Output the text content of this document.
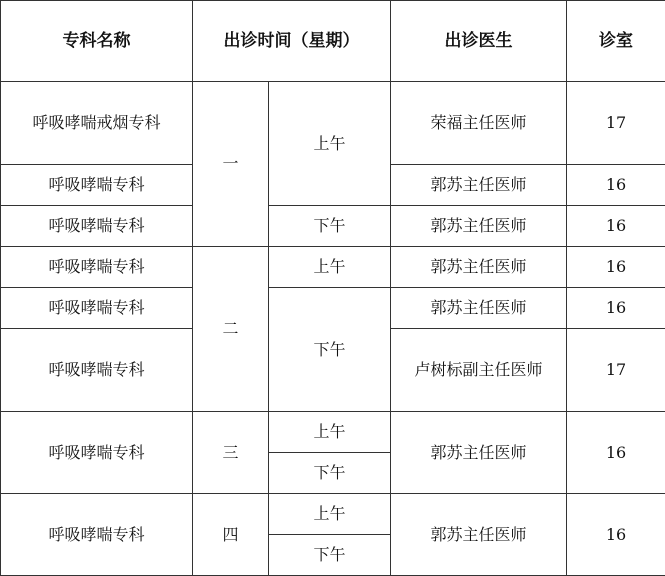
专科名称	出诊时间（星期）		出诊医生	诊室
呼吸哮喘戒烟专科	一	上午	荣福主任医师	17
呼吸哮喘专科			郭苏主任医师	16
呼吸哮喘专科		下午	郭苏主任医师	16
呼吸哮喘专科	二	上午	郭苏主任医师	16
呼吸哮喘专科		下午	郭苏主任医师	16
呼吸哮喘专科			卢树标副主任医师	17
呼吸哮喘专科	三	上午	郭苏主任医师	16
		下午		
呼吸哮喘专科	四	上午	郭苏主任医师	16
		下午		
